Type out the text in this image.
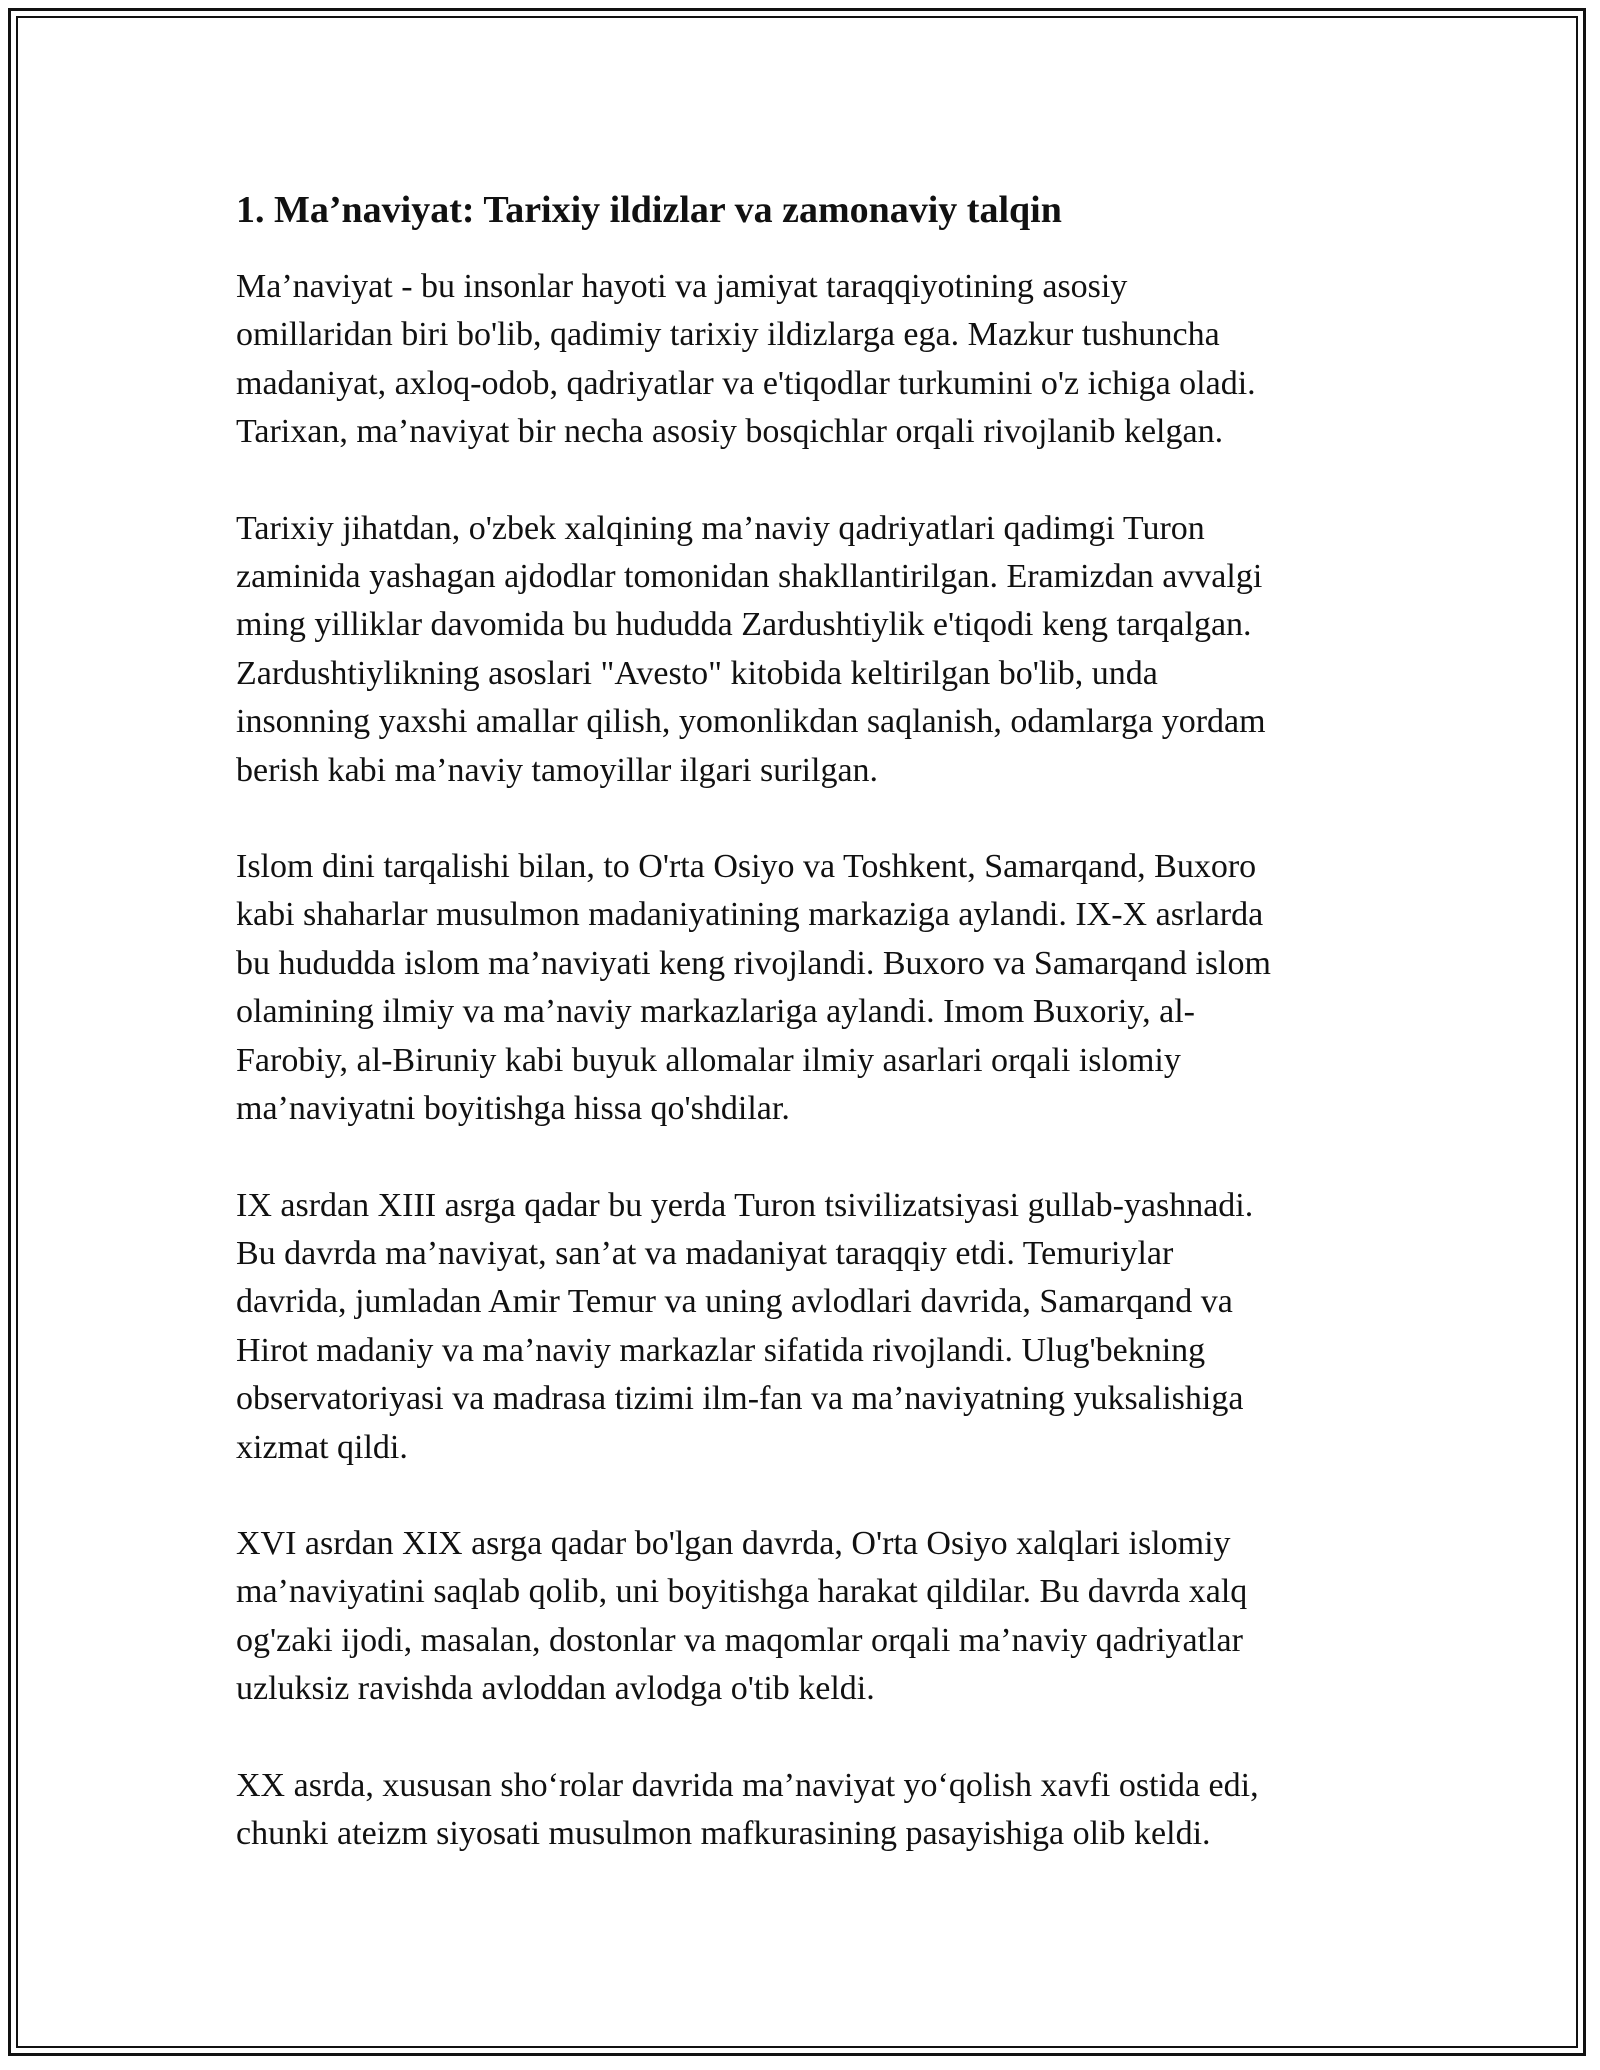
1. Ma’naviyat: Tarixiy ildizlar va zamonaviy talqin

Ma’naviyat - bu insonlar hayoti va jamiyat taraqqiyotining asosiy
omillaridan biri bo'lib, qadimiy tarixiy ildizlarga ega. Mazkur tushuncha
madaniyat, axloq-odob, qadriyatlar va e'tiqodlar turkumini o'z ichiga oladi.
Tarixan, ma’naviyat bir necha asosiy bosqichlar orqali rivojlanib kelgan.

Tarixiy jihatdan, o'zbek xalqining ma’naviy qadriyatlari qadimgi Turon
zaminida yashagan ajdodlar tomonidan shakllantirilgan. Eramizdan avvalgi
ming yilliklar davomida bu hududda Zardushtiylik e'tiqodi keng tarqalgan.
Zardushtiylikning asoslari "Avesto" kitobida keltirilgan bo'lib, unda
insonning yaxshi amallar qilish, yomonlikdan saqlanish, odamlarga yordam
berish kabi ma’naviy tamoyillar ilgari surilgan.

Islom dini tarqalishi bilan, to O'rta Osiyo va Toshkent, Samarqand, Buxoro
kabi shaharlar musulmon madaniyatining markaziga aylandi. IX-X asrlarda
bu hududda islom ma’naviyati keng rivojlandi. Buxoro va Samarqand islom
olamining ilmiy va ma’naviy markazlariga aylandi. Imom Buxoriy, al-
Farobiy, al-Biruniy kabi buyuk allomalar ilmiy asarlari orqali islomiy
ma’naviyatni boyitishga hissa qo'shdilar.

IX asrdan XIII asrga qadar bu yerda Turon tsivilizatsiyasi gullab-yashnadi.
Bu davrda ma’naviyat, san’at va madaniyat taraqqiy etdi. Temuriylar
davrida, jumladan Amir Temur va uning avlodlari davrida, Samarqand va
Hirot madaniy va ma’naviy markazlar sifatida rivojlandi. Ulug'bekning
observatoriyasi va madrasa tizimi ilm-fan va ma’naviyatning yuksalishiga
xizmat qildi.

XVI asrdan XIX asrga qadar bo'lgan davrda, O'rta Osiyo xalqlari islomiy
ma’naviyatini saqlab qolib, uni boyitishga harakat qildilar. Bu davrda xalq
og'zaki ijodi, masalan, dostonlar va maqomlar orqali ma’naviy qadriyatlar
uzluksiz ravishda avloddan avlodga o'tib keldi.

XX asrda, xususan sho‘rolar davrida ma’naviyat yo‘qolish xavfi ostida edi,
chunki ateizm siyosati musulmon mafkurasining pasayishiga olib keldi.
